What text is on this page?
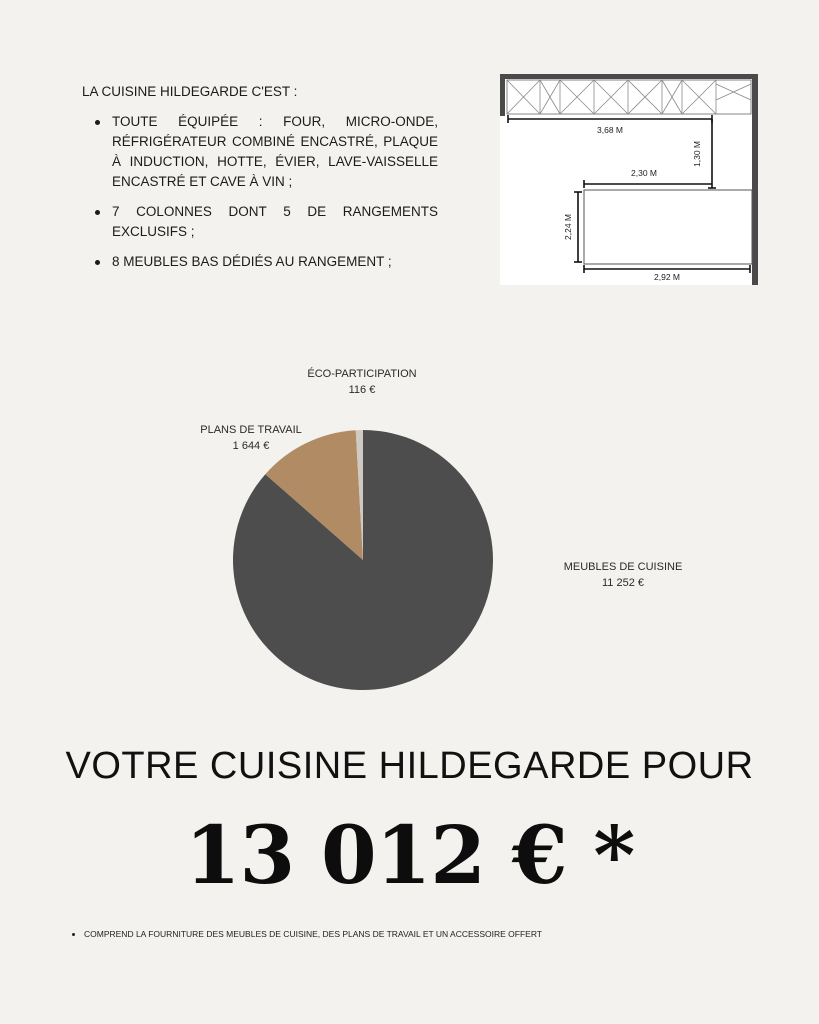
LA CUISINE HILDEGARDE C'EST :

TOUTE ÉQUIPÉE : FOUR, MICRO-ONDE, RÉFRIGÉRATEUR COMBINÉ ENCASTRÉ, PLAQUE À INDUCTION, HOTTE, ÉVIER, LAVE-VAISSELLE ENCASTRÉ ET CAVE À VIN ;
7 COLONNES DONT 5 DE RANGEMENTS EXCLUSIFS ;
8 MEUBLES BAS DÉDIÉS AU RANGEMENT ;
3,68 M
1,30 M
2,30 M
2,24 M
2,92 M
ÉCO-PARTICIPATION
116 €
PLANS DE TRAVAIL
1 644 €
MEUBLES DE CUISINE
11 252 €
VOTRE CUISINE HILDEGARDE POUR
13 012 € *
COMPREND LA FOURNITURE DES MEUBLES DE CUISINE, DES PLANS DE TRAVAIL ET UN ACCESSOIRE OFFERT
